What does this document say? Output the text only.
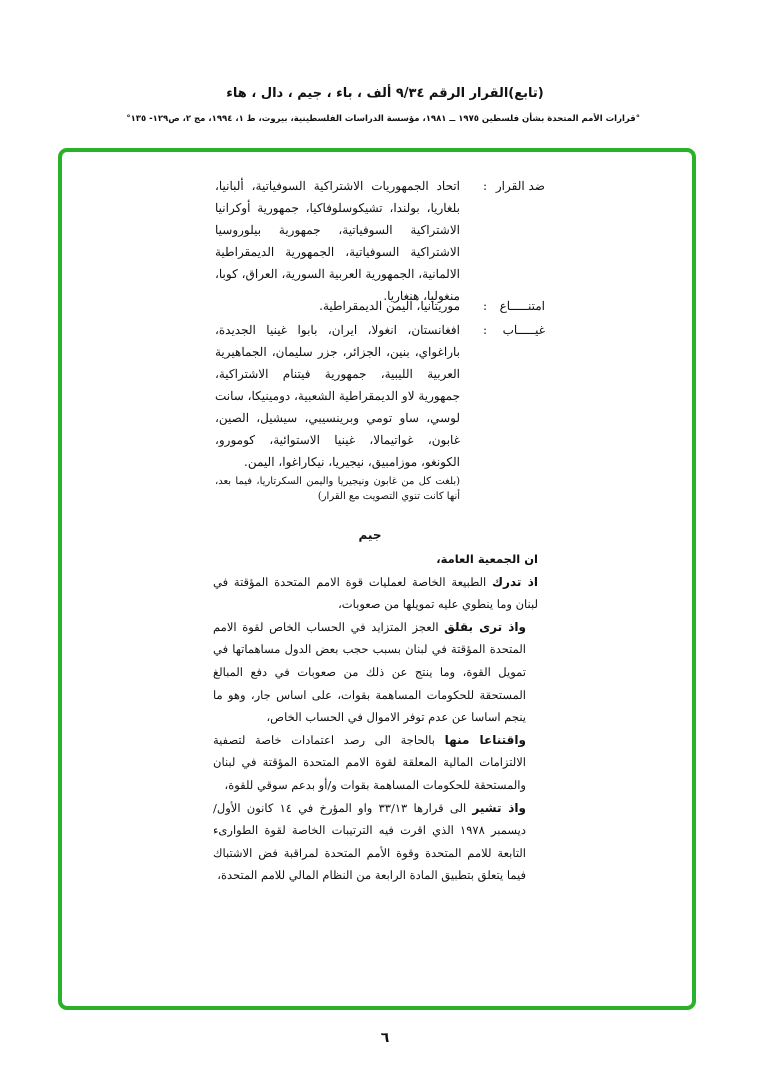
(تابع)القرار الرقم ٩/٣٤ ألف ، باء ، جيم ، دال ، هاء
°قرارات الأمم المتحدة بشأن فلسطين ١٩٧٥ ــ ١٩٨١، مؤسسة الدراسات الفلسطينية، بيروت، ط ١، ١٩٩٤، مج ٢، ص١٢٩- ١٣٥°
ضد القرار
:
اتحاد الجمهوريات الاشتراكية السوفياتية، ألبانيا، بلغاريا، بولندا، تشيكوسلوفاكيا، جمهورية أوكرانيا الاشتراكية السوفياتية، جمهورية بيلوروسيا الاشتراكية السوفياتية، الجمهورية الديمقراطية الالمانية، الجمهورية العربية السورية، العراق، كوبا، منغوليا، هنغاريا.
امتنـــــاع
:
موريتانيا، اليمن الديمقراطية.
غيـــــاب
:
افغانستان، انغولا، ايران، بابوا غينيا الجديدة، باراغواي، بنين، الجزائر، جزر سليمان، الجماهيرية العربية الليبية، جمهورية فيتنام الاشتراكية، جمهورية لاو الديمقراطية الشعبية، دومينيكا، سانت لوسي، ساو تومي وبرينسيبي، سيشيل، الصين، غابون، غواتيمالا، غينيا الاستوائية، كومورو، الكونغو، موزامبيق، نيجيريا، نيكاراغوا، اليمن.
(بلغت كل من غابون ونيجيريا واليمن السكرتاريا، فيما بعد، أنها كانت تنوي التصويت مع القرار)
جيم

ان الجمعية العامة،

اذ تدرك الطبيعة الخاصة لعمليات قوة الامم المتحدة المؤقتة في لبنان وما ينطوي عليه تمويلها من صعوبات،

واذ ترى بقلق العجز المتزايد في الحساب الخاص لقوة الامم المتحدة المؤقتة في لبنان بسبب حجب بعض الدول مساهماتها في تمويل القوة، وما ينتج عن ذلك من صعوبات في دفع المبالغ المستحقة للحكومات المساهمة بقوات، على اساس جار، وهو ما ينجم اساسا عن عدم توفر الاموال في الحساب الخاص،

واقتناعا منها بالحاجة الى رصد اعتمادات خاصة لتصفية الالتزامات المالية المعلقة لقوة الامم المتحدة المؤقتة في لبنان والمستحقة للحكومات المساهمة بقوات و/أو بدعم سوقي للقوة،

واذ تشير الى قرارها ٣٣/١٣ واو المؤرخ في ١٤ كانون الأول/ ديسمبر ١٩٧٨ الذي اقرت فيه الترتيبات الخاصة لقوة الطوارىء التابعة للامم المتحدة وقوة الأمم المتحدة لمراقبة فض الاشتباك فيما يتعلق بتطبيق المادة الرابعة من النظام المالي للامم المتحدة،

٦
